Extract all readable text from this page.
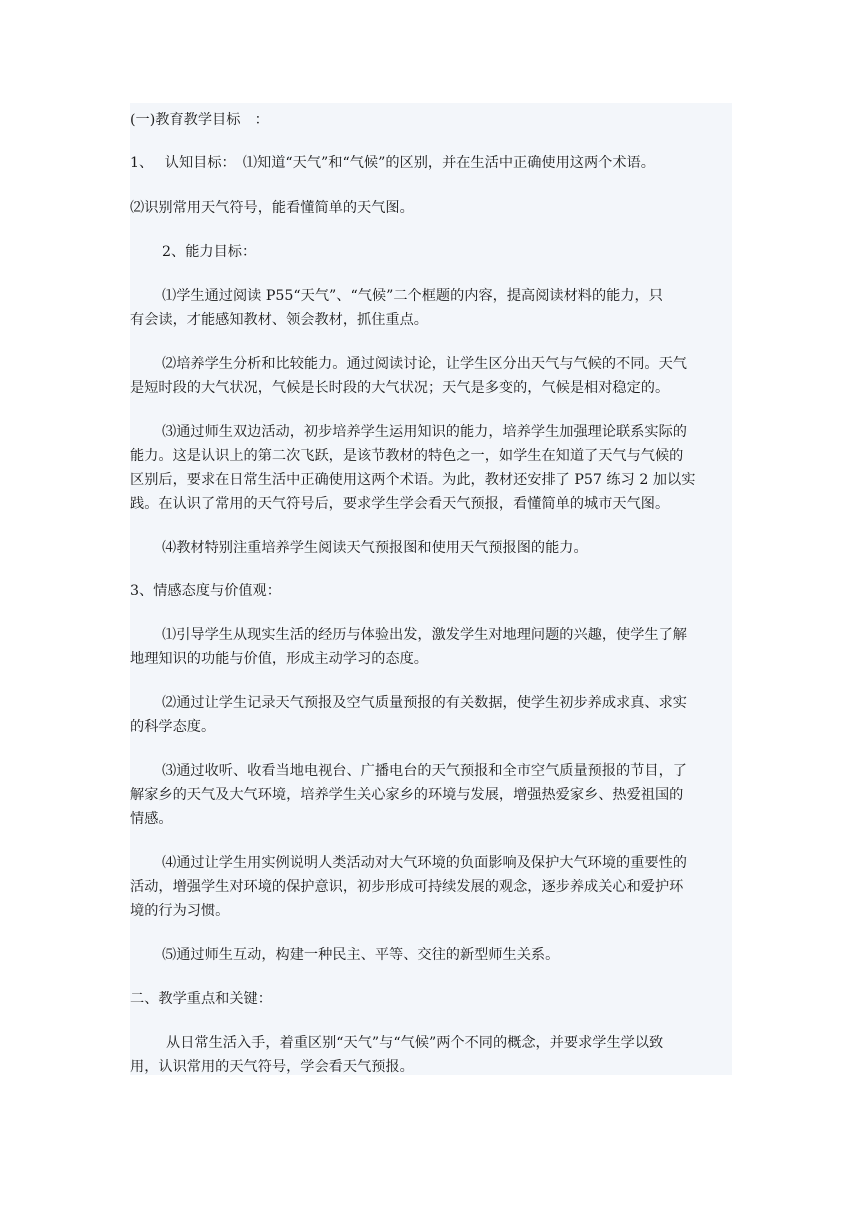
(一)教育教学目标　：

1、　 认知目标：　⑴知道“天气”和“气候”的区别，并在生活中正确使用这两个术语。

⑵识别常用天气符号，能看懂简单的天气图。

2、能力目标：

⑴学生通过阅读 P55“天气”、“气候”二个框题的内容，提高阅读材料的能力，只

有会读，才能感知教材、领会教材，抓住重点。

⑵培养学生分析和比较能力。通过阅读讨论，让学生区分出天气与气候的不同。天气

是短时段的大气状况，气候是长时段的大气状况；天气是多变的，气候是相对稳定的。

⑶通过师生双边活动，初步培养学生运用知识的能力，培养学生加强理论联系实际的

能力。这是认识上的第二次飞跃，是该节教材的特色之一，如学生在知道了天气与气候的

区别后，要求在日常生活中正确使用这两个术语。为此，教材还安排了 P57 练习 2 加以实

践。在认识了常用的天气符号后，要求学生学会看天气预报，看懂简单的城市天气图。

⑷教材特别注重培养学生阅读天气预报图和使用天气预报图的能力。

3、情感态度与价值观：

⑴引导学生从现实生活的经历与体验出发，激发学生对地理问题的兴趣，使学生了解

地理知识的功能与价值，形成主动学习的态度。

⑵通过让学生记录天气预报及空气质量预报的有关数据，使学生初步养成求真、求实

的科学态度。

⑶通过收听、收看当地电视台、广播电台的天气预报和全市空气质量预报的节目，了

解家乡的天气及大气环境，培养学生关心家乡的环境与发展，增强热爱家乡、热爱祖国的

情感。

⑷通过让学生用实例说明人类活动对大气环境的负面影响及保护大气环境的重要性的

活动，增强学生对环境的保护意识，初步形成可持续发展的观念，逐步养成关心和爱护环

境的行为习惯。

⑸通过师生互动，构建一种民主、平等、交往的新型师生关系。

二、教学重点和关键：

从日常生活入手，着重区别“天气”与“气候”两个不同的概念，并要求学生学以致

用，认识常用的天气符号，学会看天气预报。
